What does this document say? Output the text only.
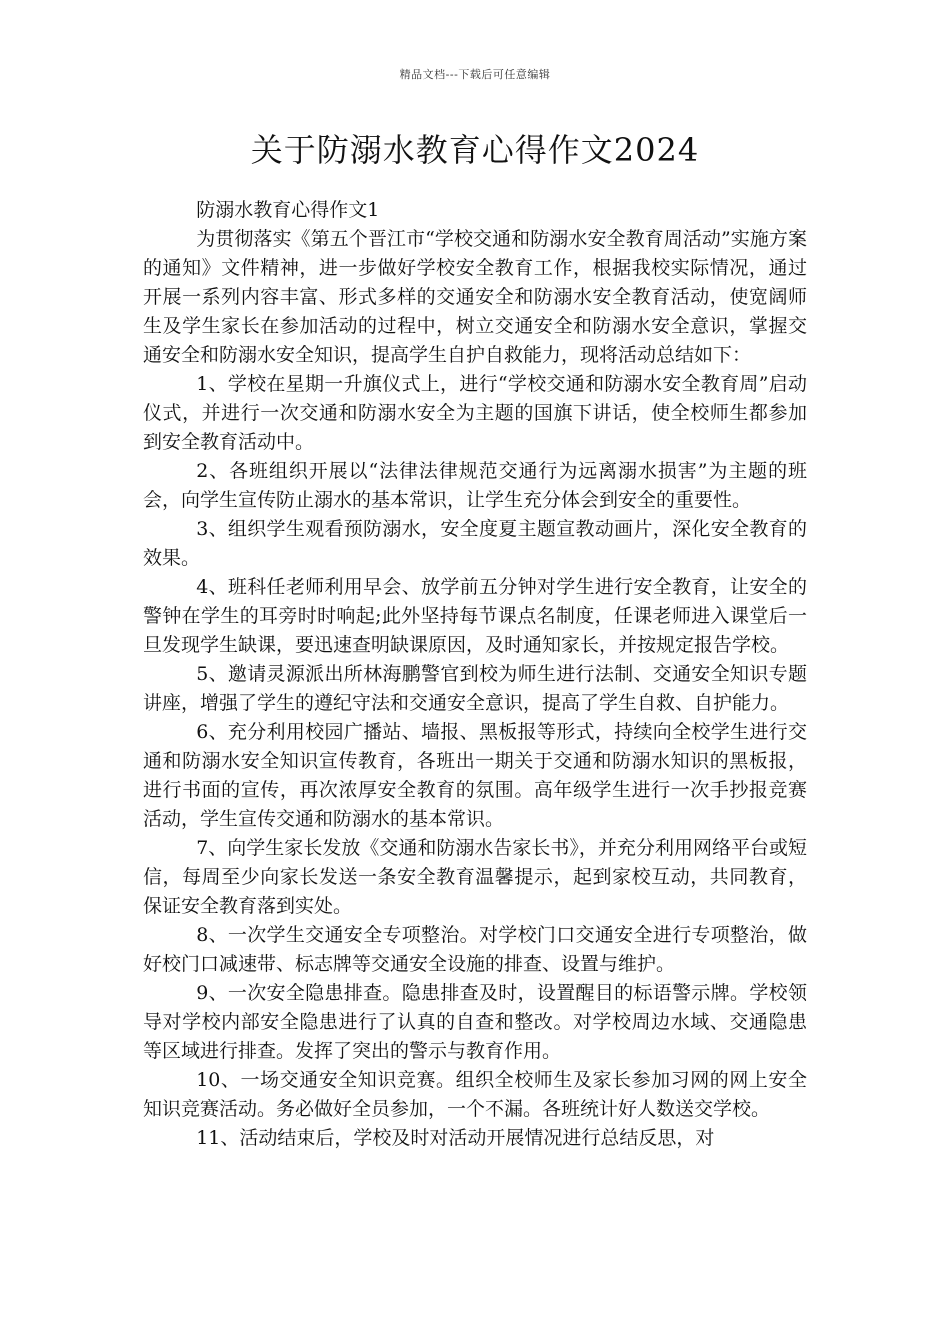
精品文档---下载后可任意编辑
关于防溺水教育心得作文2024

防溺水教育心得作文1

为贯彻落实《第五个晋江市“学校交通和防溺水安全教育周活动”实施方案的通知》文件精神，进一步做好学校安全教育工作，根据我校实际情况，通过开展一系列内容丰富、形式多样的交通安全和防溺水安全教育活动，使宽阔师生及学生家长在参加活动的过程中，树立交通安全和防溺水安全意识，掌握交通安全和防溺水安全知识，提高学生自护自救能力，现将活动总结如下：

1、学校在星期一升旗仪式上，进行“学校交通和防溺水安全教育周”启动仪式，并进行一次交通和防溺水安全为主题的国旗下讲话，使全校师生都参加到安全教育活动中。

2、各班组织开展以“法律法律规范交通行为远离溺水损害”为主题的班会，向学生宣传防止溺水的基本常识，让学生充分体会到安全的重要性。

3、组织学生观看预防溺水，安全度夏主题宣教动画片，深化安全教育的效果。

4、班科任老师利用早会、放学前五分钟对学生进行安全教育，让安全的警钟在学生的耳旁时时响起;此外坚持每节课点名制度，任课老师进入课堂后一旦发现学生缺课，要迅速查明缺课原因，及时通知家长，并按规定报告学校。

5、邀请灵源派出所林海鹏警官到校为师生进行法制、交通安全知识专题讲座，增强了学生的遵纪守法和交通安全意识，提高了学生自救、自护能力。

6、充分利用校园广播站、墙报、黑板报等形式，持续向全校学生进行交通和防溺水安全知识宣传教育，各班出一期关于交通和防溺水知识的黑板报，进行书面的宣传，再次浓厚安全教育的氛围。高年级学生进行一次手抄报竞赛活动，学生宣传交通和防溺水的基本常识。

7、向学生家长发放《交通和防溺水告家长书》，并充分利用网络平台或短信，每周至少向家长发送一条安全教育温馨提示，起到家校互动，共同教育，保证安全教育落到实处。

8、一次学生交通安全专项整治。对学校门口交通安全进行专项整治，做好校门口减速带、标志牌等交通安全设施的排查、设置与维护。

9、一次安全隐患排查。隐患排查及时，设置醒目的标语警示牌。学校领导对学校内部安全隐患进行了认真的自查和整改。对学校周边水域、交通隐患等区域进行排查。发挥了突出的警示与教育作用。

10、一场交通安全知识竞赛。组织全校师生及家长参加习网的网上安全知识竞赛活动。务必做好全员参加，一个不漏。各班统计好人数送交学校。

11、活动结束后，学校及时对活动开展情况进行总结反思，对
